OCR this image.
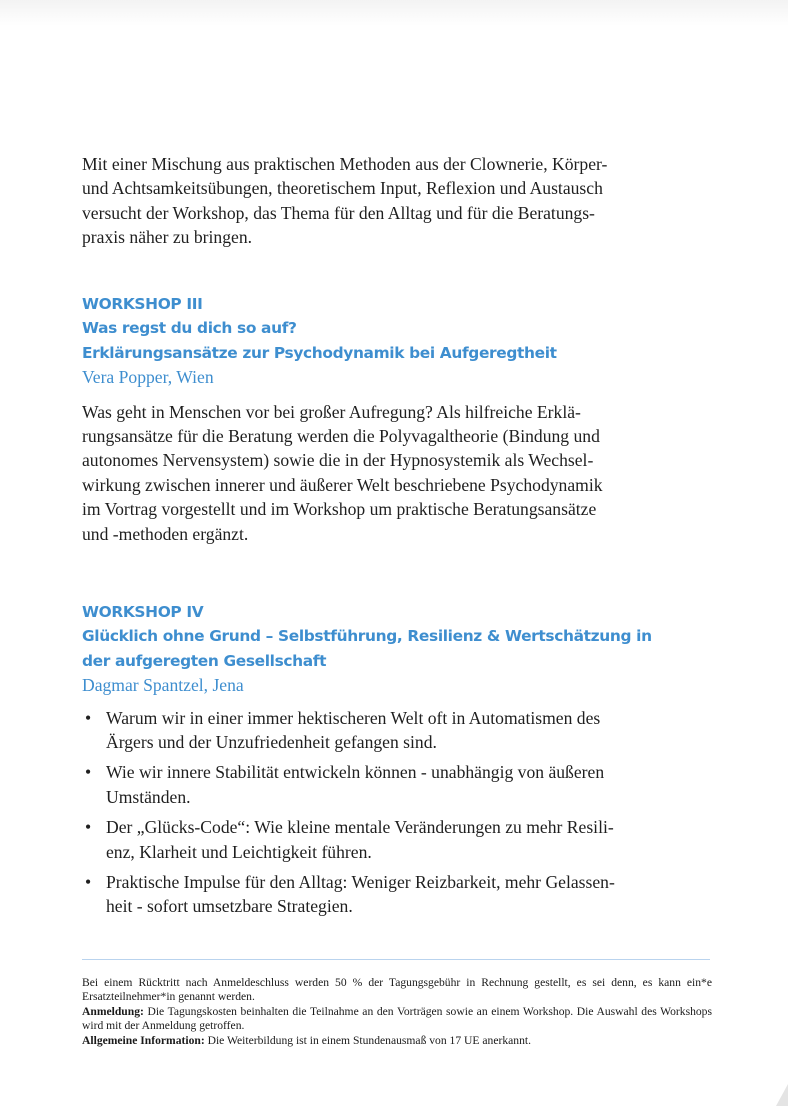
Mit einer Mischung aus praktischen Methoden aus der Clownerie, Körper-
und Achtsamkeitsübungen, theoretischem Input, Reflexion und Austausch
versucht der Workshop, das Thema für den Alltag und für die Beratungs-
praxis näher zu bringen.

WORKSHOP III

Was regst du dich so auf?

Erklärungsansätze zur Psychodynamik bei Aufgeregtheit

Vera Popper, Wien

Was geht in Menschen vor bei großer Aufregung? Als hilfreiche Erklä-
rungsansätze für die Beratung werden die Polyvagaltheorie (Bindung und
autonomes Nervensystem) sowie die in der Hypnosystemik als Wechsel-
wirkung zwischen innerer und äußerer Welt beschriebene Psychodynamik
im Vortrag vorgestellt und im Workshop um praktische Beratungsansätze
und -methoden ergänzt.

WORKSHOP IV

Glücklich ohne Grund – Selbstführung, Resilienz & Wertschätzung in

der aufgeregten Gesellschaft

Dagmar Spantzel, Jena

• Warum wir in einer immer hektischeren Welt oft in Automatismen des
Ärgers und der Unzufriedenheit gefangen sind.
• Wie wir innere Stabilität entwickeln können - unabhängig von äußeren
Umständen.
• Der „Glücks-Code“: Wie kleine mentale Veränderungen zu mehr Resili-
enz, Klarheit und Leichtigkeit führen.
• Praktische Impulse für den Alltag: Weniger Reizbarkeit, mehr Gelassen-
heit - sofort umsetzbare Strategien.

Bei einem Rücktritt nach Anmeldeschluss werden 50 % der Tagungsgebühr in Rechnung gestellt, es sei denn, es kann ein*e Ersatzteilnehmer*in genannt werden.

Anmeldung: Die Tagungskosten beinhalten die Teilnahme an den Vorträgen sowie an einem Workshop. Die Auswahl des Workshops wird mit der Anmeldung getroffen.

Allgemeine Information: Die Weiterbildung ist in einem Stundenausmaß von 17 UE anerkannt.
